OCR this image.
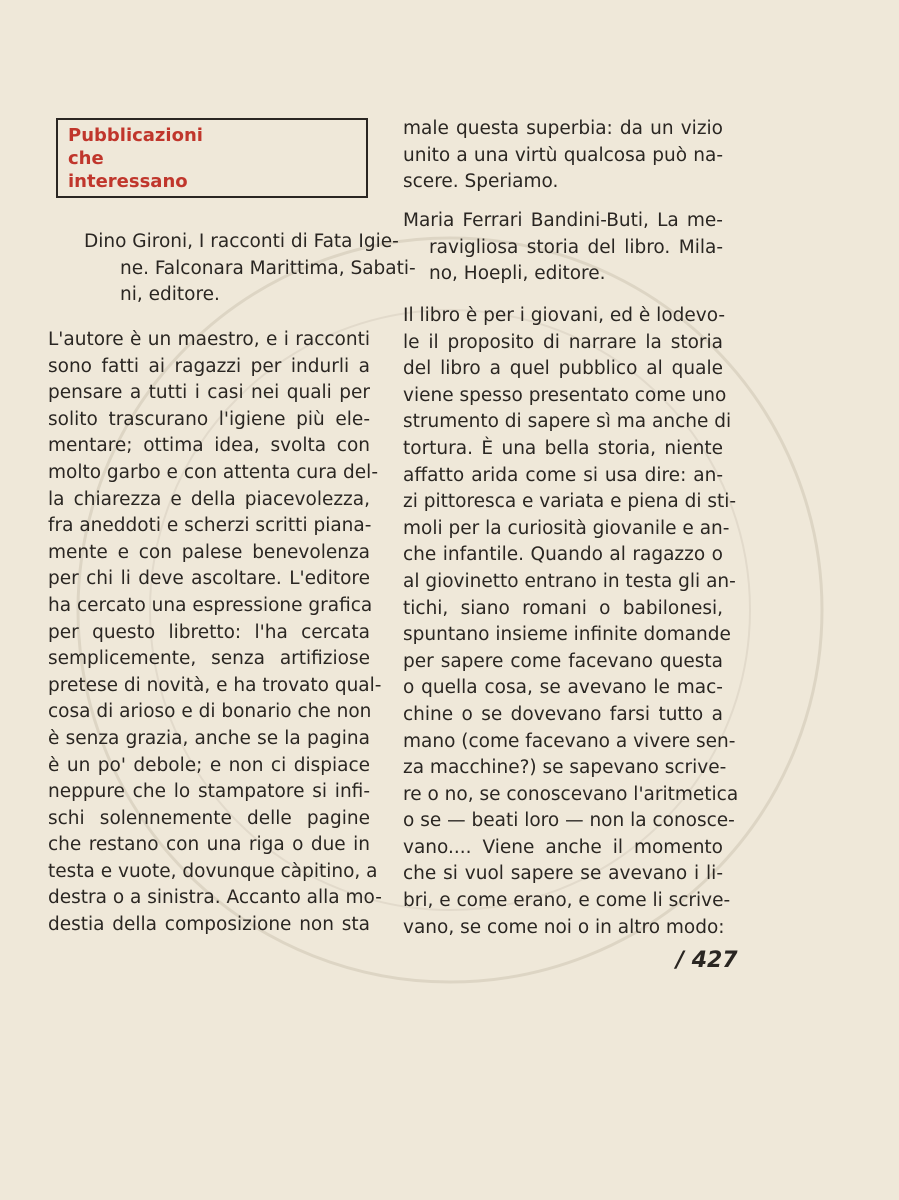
Pubblicazioni
che
interessano
Dino Gironi, I racconti di Fata Igie-
ne. Falconara Marittima, Sabati-
ni, editore.
L'autore è un maestro, e i racconti
sono fatti ai ragazzi per indurli a
pensare a tutti i casi nei quali per
solito trascurano l'igiene più ele-
mentare; ottima idea, svolta con
molto garbo e con attenta cura del-
la chiarezza e della piacevolezza,
fra aneddoti e scherzi scritti piana-
mente e con palese benevolenza
per chi li deve ascoltare. L'editore
ha cercato una espressione grafica
per questo libretto: l'ha cercata
semplicemente, senza artifiziose
pretese di novità, e ha trovato qual-
cosa di arioso e di bonario che non
è senza grazia, anche se la pagina
è un po' debole; e non ci dispiace
neppure che lo stampatore si infi-
schi solennemente delle pagine
che restano con una riga o due in
testa e vuote, dovunque càpitino, a
destra o a sinistra. Accanto alla mo-
destia della composizione non sta
male questa superbia: da un vizio
unito a una virtù qualcosa può na-
scere. Speriamo.
Maria Ferrari Bandini-Buti, La me-
ravigliosa storia del libro. Mila-
no, Hoepli, editore.
Il libro è per i giovani, ed è lodevo-
le il proposito di narrare la storia
del libro a quel pubblico al quale
viene spesso presentato come uno
strumento di sapere sì ma anche di
tortura. È una bella storia, niente
affatto arida come si usa dire: an-
zi pittoresca e variata e piena di sti-
moli per la curiosità giovanile e an-
che infantile. Quando al ragazzo o
al giovinetto entrano in testa gli an-
tichi, siano romani o babilonesi,
spuntano insieme infinite domande
per sapere come facevano questa
o quella cosa, se avevano le mac-
chine o se dovevano farsi tutto a
mano (come facevano a vivere sen-
za macchine?) se sapevano scrive-
re o no, se conoscevano l'aritmetica
o se — beati loro — non la conosce-
vano.... Viene anche il momento
che si vuol sapere se avevano i li-
bri, e come erano, e come li scrive-
vano, se come noi o in altro modo:
/ 427
